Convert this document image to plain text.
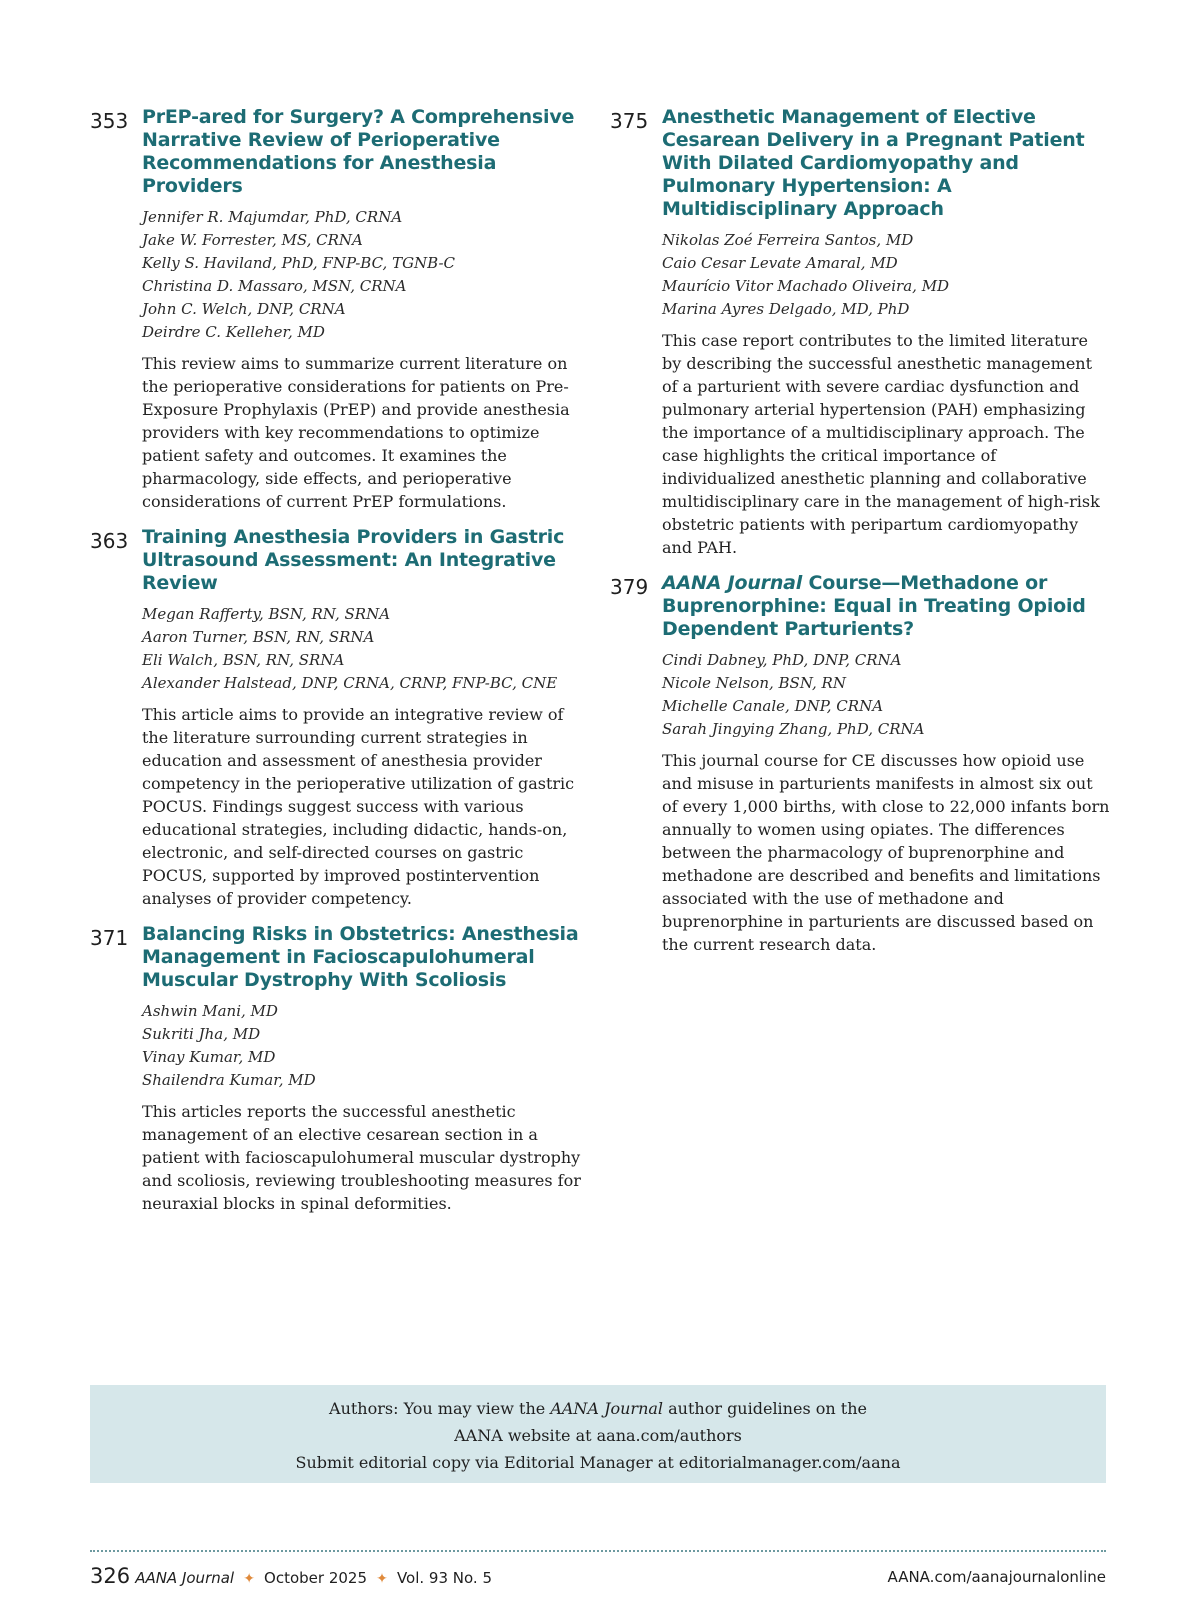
353 PrEP-ared for Surgery? A Comprehensive Narrative Review of Perioperative Recommendations for Anesthesia Providers
Jennifer R. Majumdar, PhD, CRNA
Jake W. Forrester, MS, CRNA
Kelly S. Haviland, PhD, FNP-BC, TGNB-C
Christina D. Massaro, MSN, CRNA
John C. Welch, DNP, CRNA
Deirdre C. Kelleher, MD

This review aims to summarize current literature on the perioperative considerations for patients on Pre-Exposure Prophylaxis (PrEP) and provide anesthesia providers with key recommendations to optimize patient safety and outcomes. It examines the pharmacology, side effects, and perioperative considerations of current PrEP formulations.

363 Training Anesthesia Providers in Gastric Ultrasound Assessment: An Integrative Review
Megan Rafferty, BSN, RN, SRNA
Aaron Turner, BSN, RN, SRNA
Eli Walch, BSN, RN, SRNA
Alexander Halstead, DNP, CRNA, CRNP, FNP-BC, CNE

This article aims to provide an integrative review of the literature surrounding current strategies in education and assessment of anesthesia provider competency in the perioperative utilization of gastric POCUS. Findings suggest success with various educational strategies, including didactic, hands-on, electronic, and self-directed courses on gastric POCUS, supported by improved postintervention analyses of provider competency.

371 Balancing Risks in Obstetrics: Anesthesia Management in Facioscapulohumeral Muscular Dystrophy With Scoliosis
Ashwin Mani, MD
Sukriti Jha, MD
Vinay Kumar, MD
Shailendra Kumar, MD

This articles reports the successful anesthetic management of an elective cesarean section in a patient with facioscapulohumeral muscular dystrophy and scoliosis, reviewing troubleshooting measures for neuraxial blocks in spinal deformities.

375 Anesthetic Management of Elective Cesarean Delivery in a Pregnant Patient With Dilated Cardiomyopathy and Pulmonary Hypertension: A Multidisciplinary Approach
Nikolas Zoé Ferreira Santos, MD
Caio Cesar Levate Amaral, MD
Maurício Vitor Machado Oliveira, MD
Marina Ayres Delgado, MD, PhD

This case report contributes to the limited literature by describing the successful anesthetic management of a parturient with severe cardiac dysfunction and pulmonary arterial hypertension (PAH) emphasizing the importance of a multidisciplinary approach. The case highlights the critical importance of individualized anesthetic planning and collaborative multidisciplinary care in the management of high-risk obstetric patients with peripartum cardiomyopathy and PAH.

379 AANA Journal Course—Methadone or Buprenorphine: Equal in Treating Opioid Dependent Parturients?
Cindi Dabney, PhD, DNP, CRNA
Nicole Nelson, BSN, RN
Michelle Canale, DNP, CRNA
Sarah Jingying Zhang, PhD, CRNA

This journal course for CE discusses how opioid use and misuse in parturients manifests in almost six out of every 1,000 births, with close to 22,000 infants born annually to women using opiates. The differences between the pharmacology of buprenorphine and methadone are described and benefits and limitations associated with the use of methadone and buprenorphine in parturients are discussed based on the current research data.

Authors: You may view the AANA Journal author guidelines on the
AANA website at aana.com/authors
Submit editorial copy via Editorial Manager at editorialmanager.com/aana
326 AANA Journal ✦ October 2025 ✦ Vol. 93 No. 5	AANA.com/aanajournalonline
